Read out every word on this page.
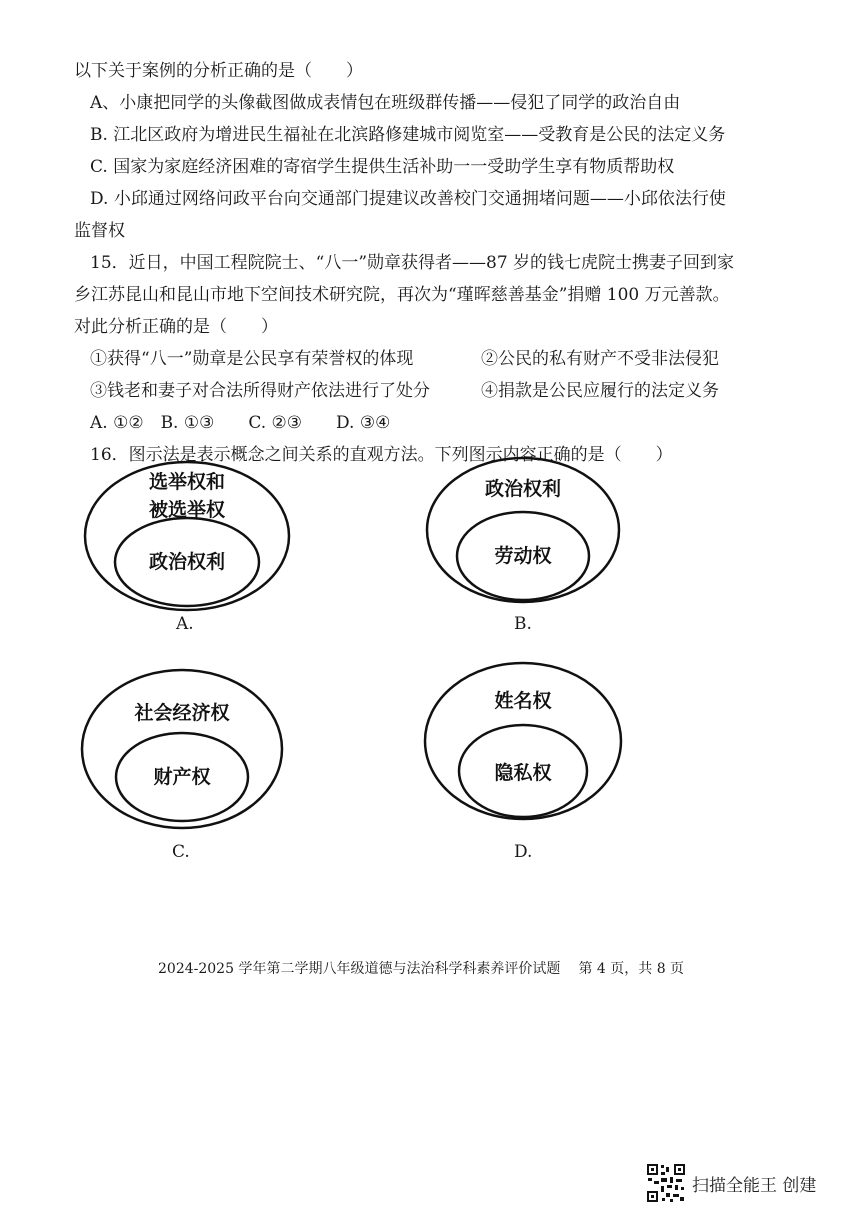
以下关于案例的分析正确的是（　　）
A、小康把同学的头像截图做成表情包在班级群传播——侵犯了同学的政治自由
B. 江北区政府为增进民生福祉在北滨路修建城市阅览室——受教育是公民的法定义务
C. 国家为家庭经济困难的寄宿学生提供生活补助一一受助学生享有物质帮助权
D. 小邱通过网络问政平台向交通部门提建议改善校门交通拥堵问题——小邱依法行使
监督权
15．近日，中国工程院院士、“八一”勋章获得者——87 岁的钱七虎院士携妻子回到家
乡江苏昆山和昆山市地下空间技术研究院，再次为“瑾晖慈善基金”捐赠 100 万元善款。
对此分析正确的是（　　）
①获得“八一”勋章是公民享有荣誉权的体现	②公民的私有财产不受非法侵犯
③钱老和妻子对合法所得财产依法进行了处分	④捐款是公民应履行的法定义务
A. ①②　B. ①③　　C. ②③　　D. ③④
16．图示法是表示概念之间关系的直观方法。下列图示内容正确的是（　　）
选举权和
被选举权
政治权利
A.
政治权利
劳动权
B.
社会经济权
财产权
C.
姓名权
隐私权
D.
2024-2025 学年第二学期八年级道德与法治科学科素养评价试题 第 4 页，共 8 页
扫描全能王 创建
